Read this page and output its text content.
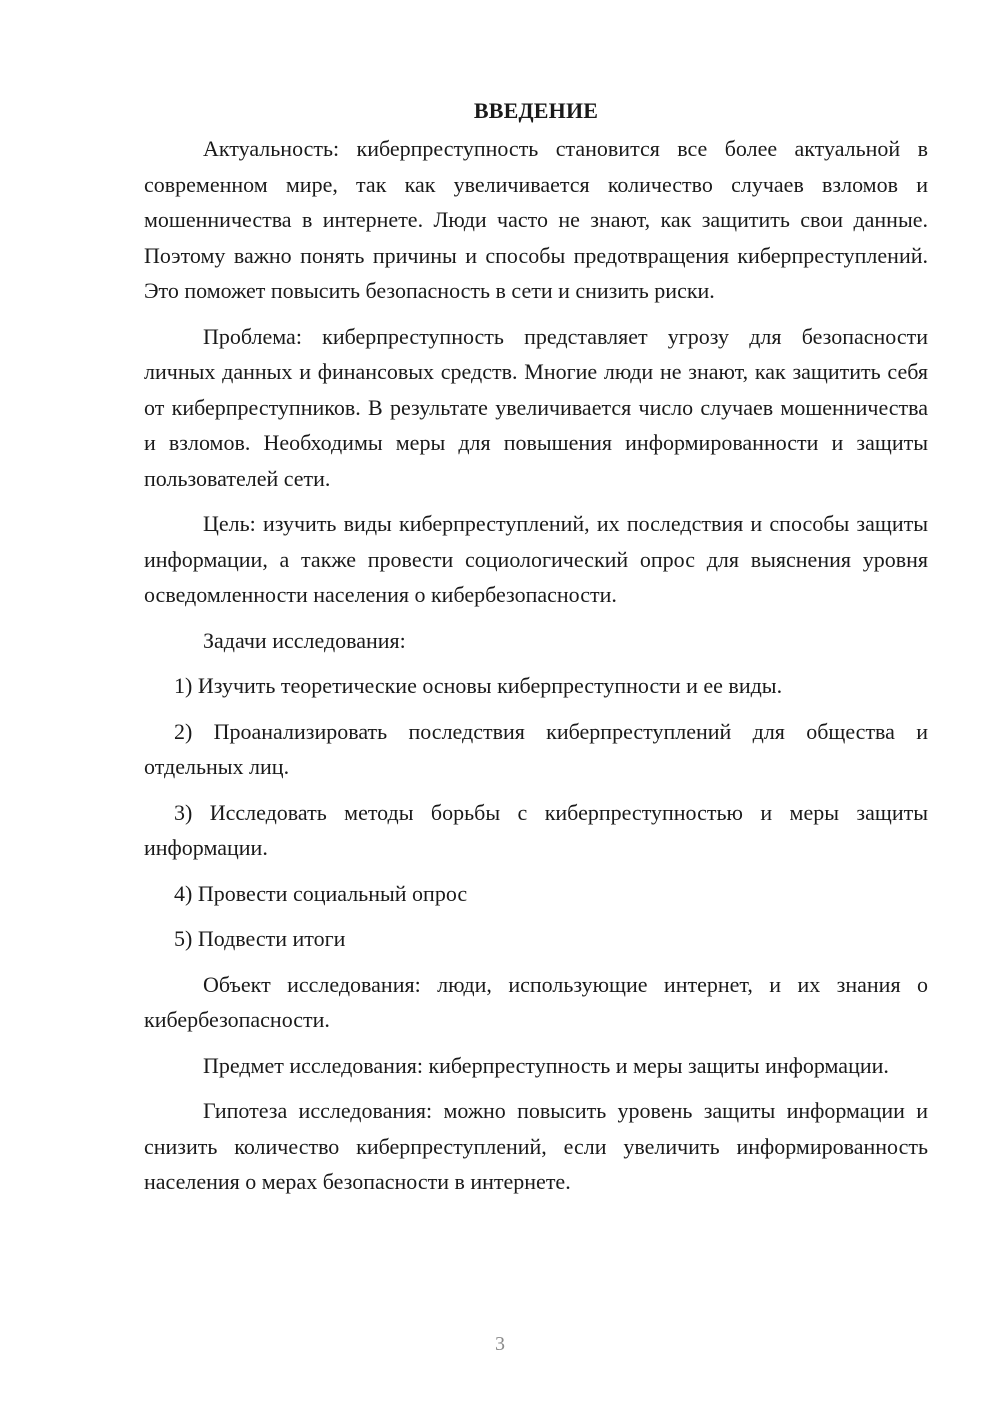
ВВЕДЕНИЕ

Актуальность: киберпреступность становится все более актуальной в современном мире, так как увеличивается количество случаев взломов и мошенничества в интернете. Люди часто не знают, как защитить свои данные. Поэтому важно понять причины и способы предотвращения киберпреступлений. Это поможет повысить безопасность в сети и снизить риски.

Проблема: киберпреступность представляет угрозу для безопасности личных данных и финансовых средств. Многие люди не знают, как защитить себя от киберпреступников. В результате увеличивается число случаев мошенничества и взломов. Необходимы меры для повышения информированности и защиты пользователей сети.

Цель: изучить виды киберпреступлений, их последствия и способы защиты информации, а также провести социологический опрос для выяснения уровня осведомленности населения о кибербезопасности.

Задачи исследования:

1) Изучить теоретические основы киберпреступности и ее виды.

2) Проанализировать последствия киберпреступлений для общества и отдельных лиц.

3) Исследовать методы борьбы с киберпреступностью и меры защиты информации.

4) Провести социальный опрос

5) Подвести итоги

Объект исследования: люди, использующие интернет, и их знания о кибербезопасности.

Предмет исследования: киберпреступность и меры защиты информации.

Гипотеза исследования: можно повысить уровень защиты информации и снизить количество киберпреступлений, если увеличить информированность населения о мерах безопасности в интернете.

3
